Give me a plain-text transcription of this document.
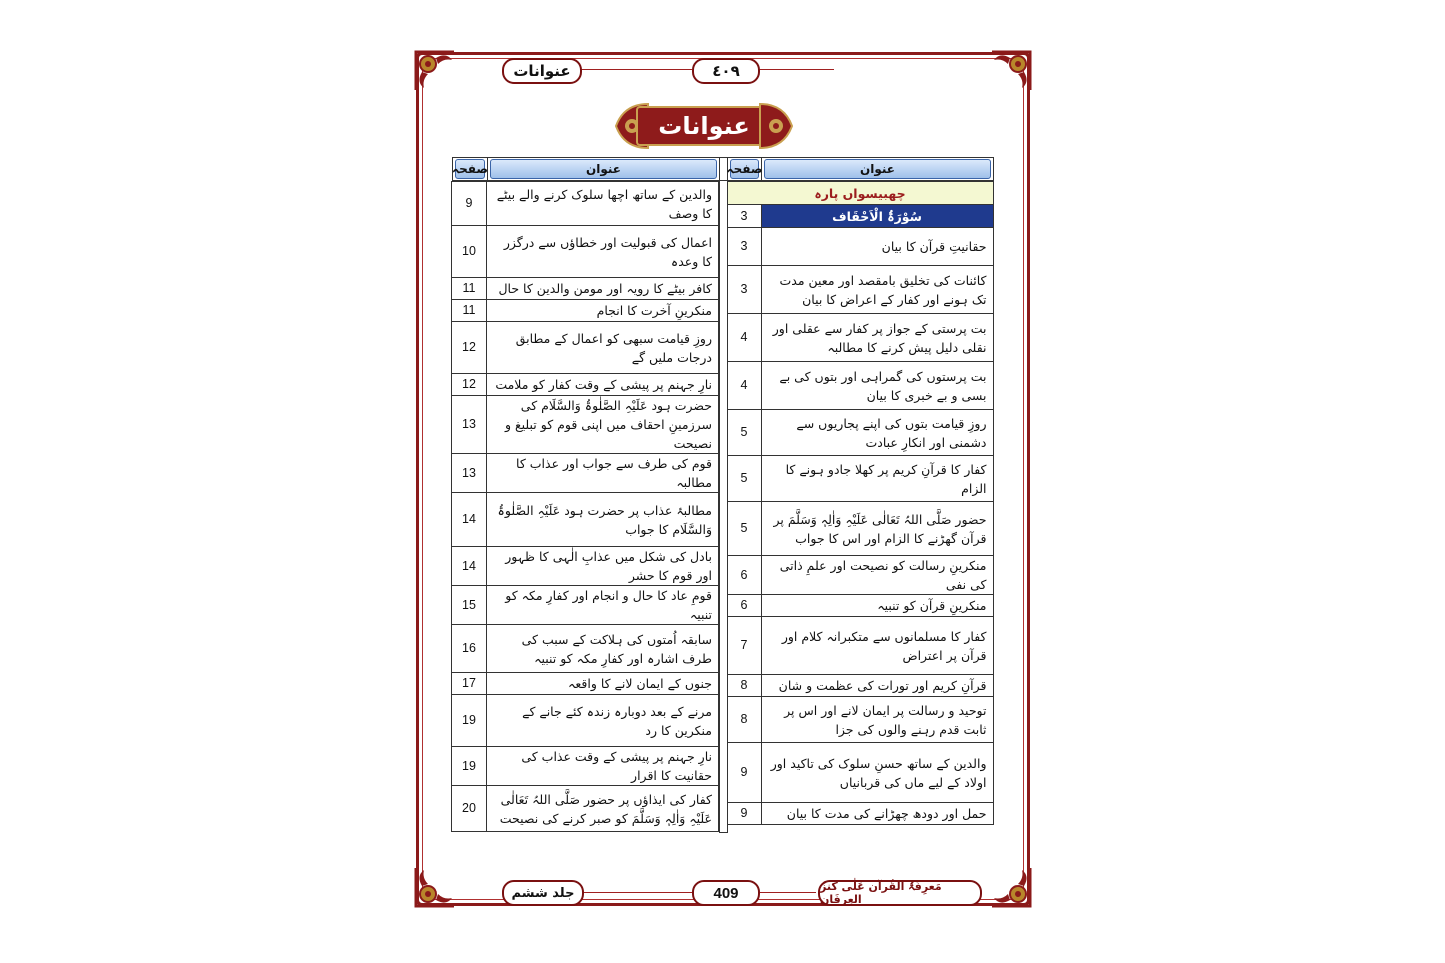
٤٠٩
عنوانات
عنوانات
عنوان

صفحہ

عنوان

صفحہ

چھبیسواں پارہ
سُوْرَۃُ الْاَحْقَاف	3
حقانیتِ قرآن کا بیان	3
کائنات کی تخلیق بامقصد اور معین مدت تک ہونے اور کفار کے اعراض کا بیان	3
بت پرستی کے جواز پر کفار سے عقلی اور نقلی دلیل پیش کرنے کا مطالبہ	4
بت پرستوں کی گمراہی اور بتوں کی بے بسی و بے خبری کا بیان	4
روزِ قیامت بتوں کی اپنے پجاریوں سے دشمنی اور انکارِ عبادت	5
کفار کا قرآنِ کریم پر کھلا جادو ہونے کا الزام	5
حضور صَلَّی اللہُ تَعَالٰی عَلَیْہِ وَاٰلِہٖ وَسَلَّمَ پر قرآن گھڑنے کا الزام اور اس کا جواب	5
منکرینِ رسالت کو نصیحت اور علمِ ذاتی کی نفی	6
منکرینِ قرآن کو تنبیہ	6
کفار کا مسلمانوں سے متکبرانہ کلام اور قرآن پر اعتراض	7
قرآنِ کریم اور تورات کی عظمت و شان	8
توحید و رسالت پر ایمان لانے اور اس پر ثابت قدم رہنے والوں کی جزا	8
والدین کے ساتھ حسنِ سلوک کی تاکید اور اولاد کے لیے ماں کی قربانیاں	9
حمل اور دودھ چھڑانے کی مدت کا بیان	9

والدین کے ساتھ اچھا سلوک کرنے والے بیٹے کا وصف	9
اعمال کی قبولیت اور خطاؤں سے درگزر کا وعدہ	10
کافر بیٹے کا رویہ اور مومن والدین کا حال	11
منکرینِ آخرت کا انجام	11
روزِ قیامت سبھی کو اعمال کے مطابق درجات ملیں گے	12
نارِ جہنم پر پیشی کے وقت کفار کو ملامت	12
حضرت ہود عَلَیْہِ الصَّلٰوۃُ وَالسَّلَام کی سرزمینِ احقاف میں اپنی قوم کو تبلیغ و نصیحت	13
قوم کی طرف سے جواب اور عذاب کا مطالبہ	13
مطالبۂ عذاب پر حضرت ہود عَلَیْہِ الصَّلٰوۃُ وَالسَّلَام کا جواب	14
بادل کی شکل میں عذابِ الٰہی کا ظہور اور قوم کا حشر	14
قومِ عاد کا حال و انجام اور کفارِ مکہ کو تنبیہ	15
سابقہ اُمتوں کی ہلاکت کے سبب کی طرف اشارہ اور کفارِ مکہ کو تنبیہ	16
جنوں کے ایمان لانے کا واقعہ	17
مرنے کے بعد دوبارہ زندہ کئے جانے کے منکرین کا رد	19
نارِ جہنم پر پیشی کے وقت عذاب کی حقانیت کا اقرار	19
کفار کی ایذاؤں پر حضور صَلَّی اللہُ تَعَالٰی عَلَیْہِ وَاٰلِہٖ وَسَلَّمَ کو صبر کرنے کی نصیحت	20
مَعرِفَۃُ القُرآن عَلٰی کَنزُ العِرفَان
409
جلد ششم
